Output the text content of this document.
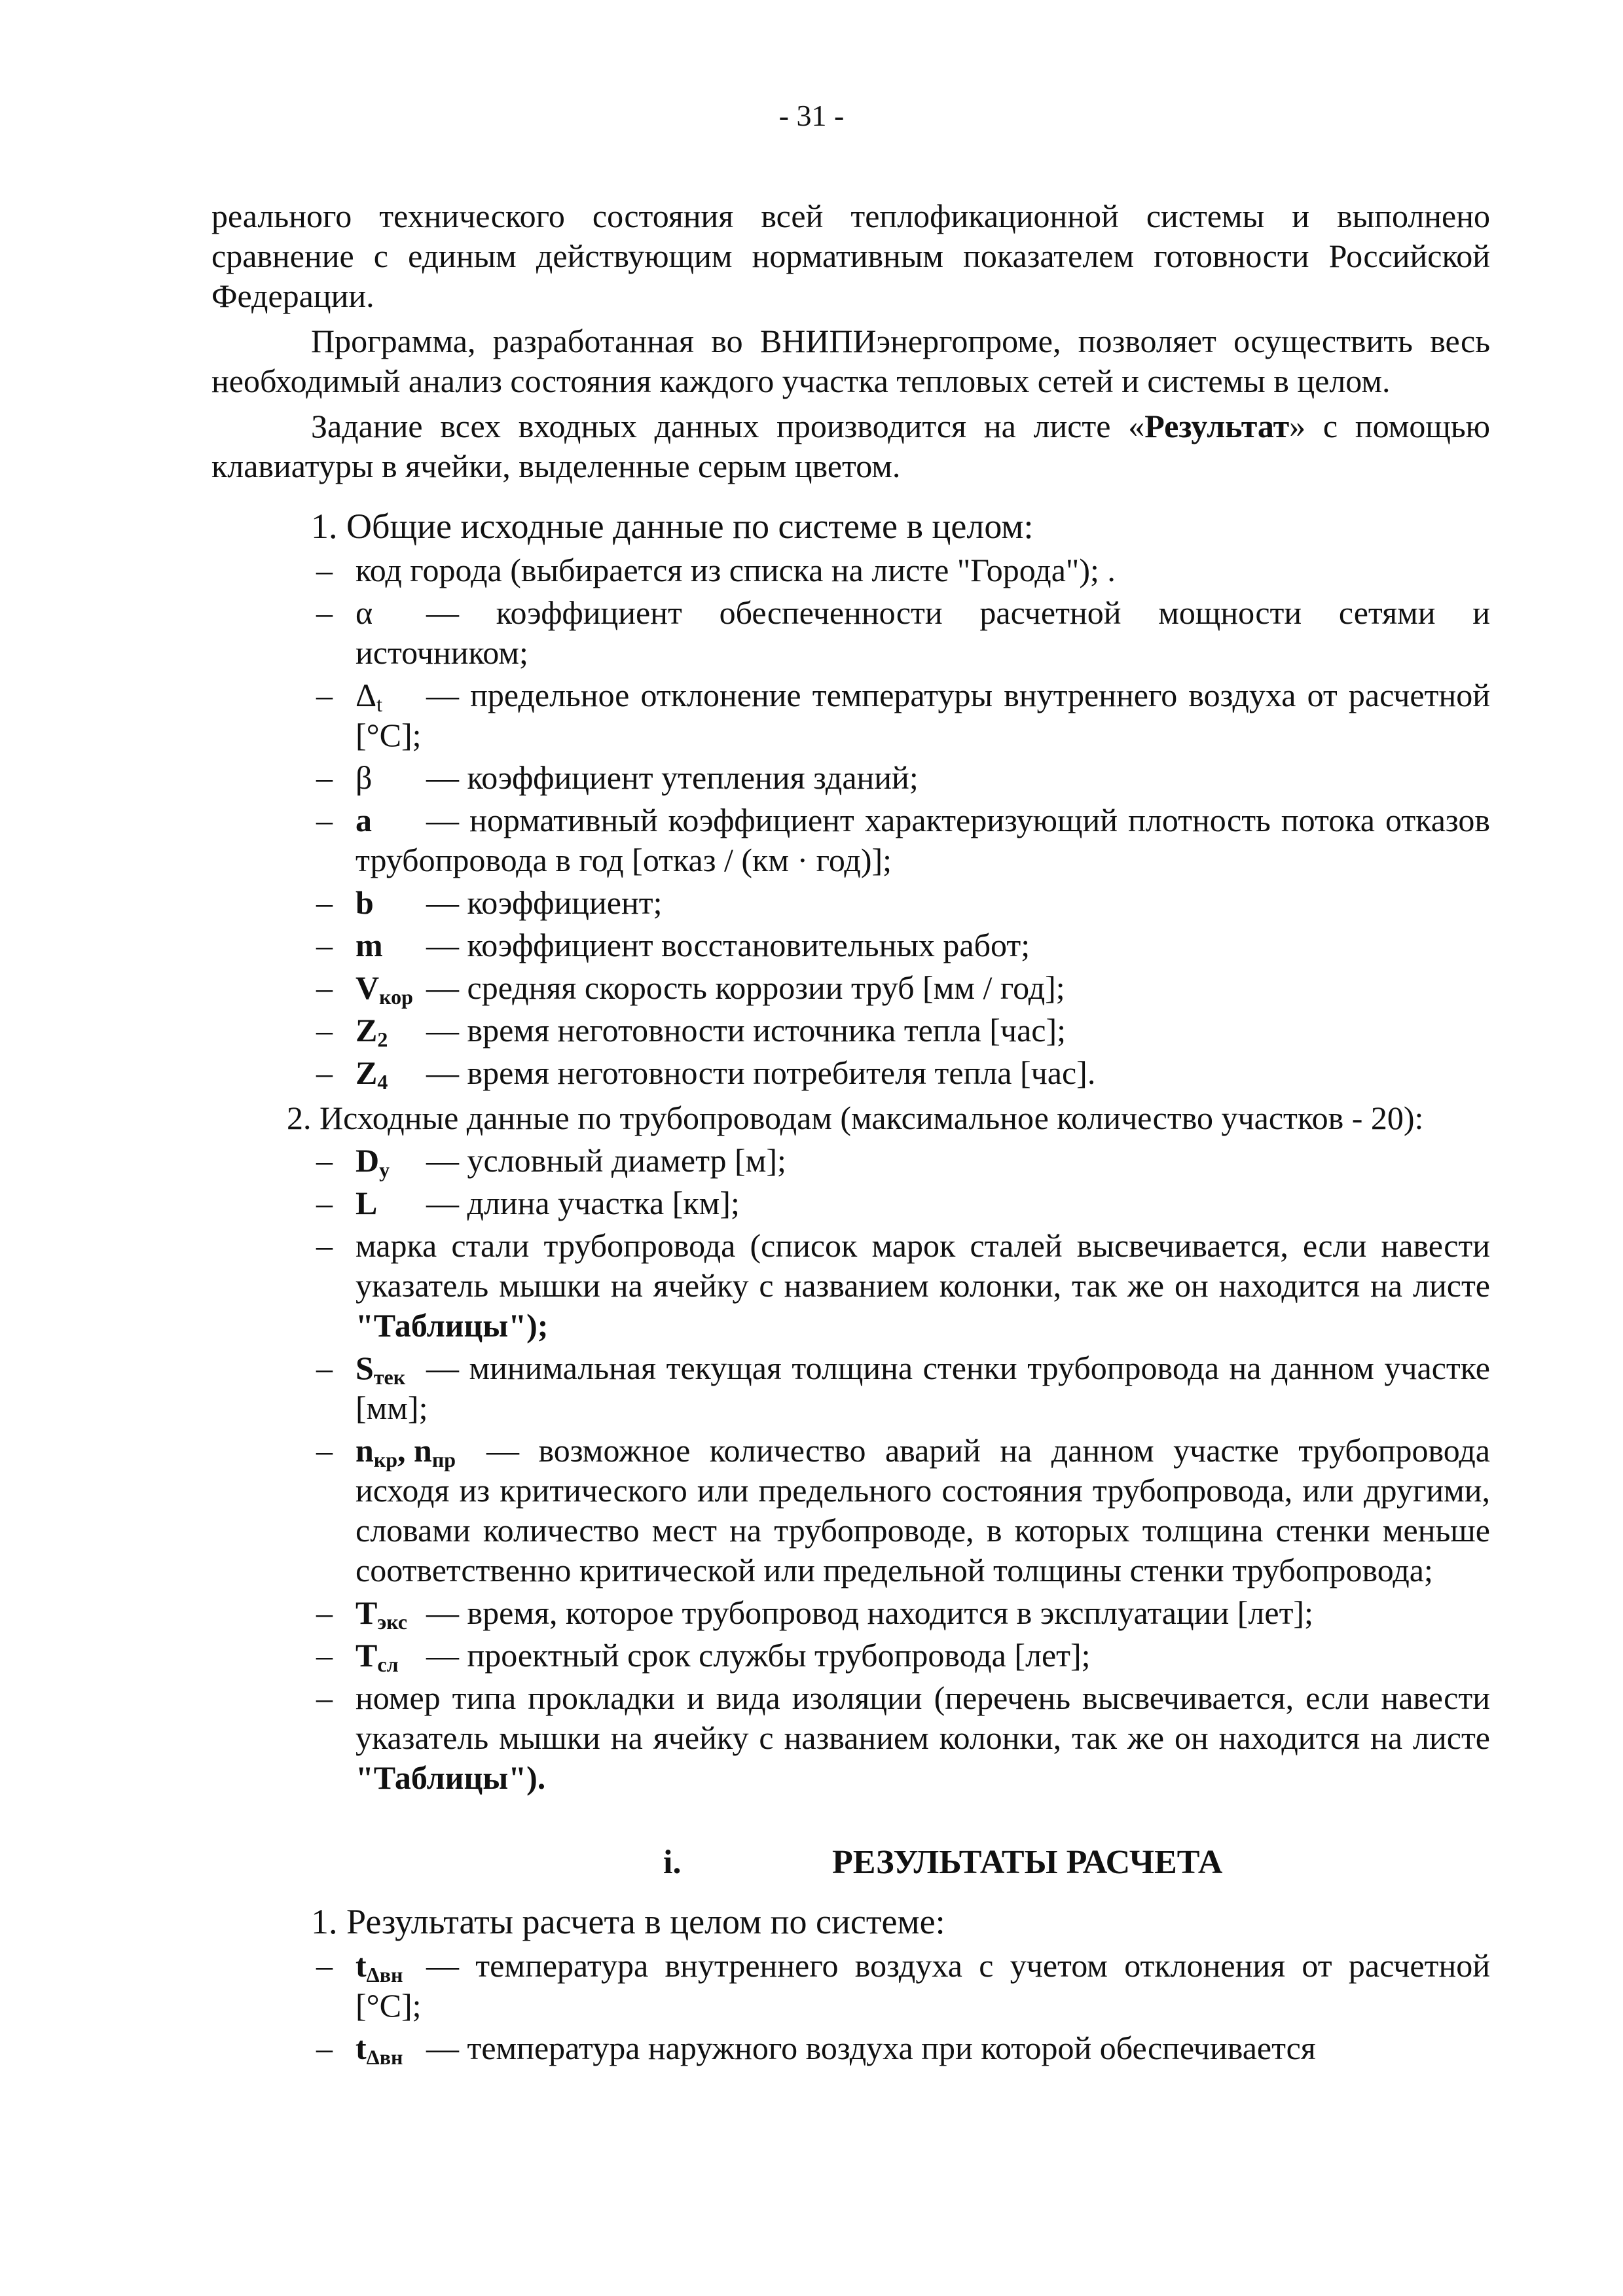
- 31 -

реального технического состояния всей теплофикационной системы и выполнено сравнение с единым действующим нормативным показателем готовности Российской Федерации.

Программа, разработанная во ВНИПИэнергопроме, позволяет осуществить весь необходимый анализ состояния каждого участка тепловых сетей и системы в целом.

Задание всех входных данных производится на листе «Результат» с помощью клавиатуры в ячейки, выделенные серым цветом.

1. Общие исходные данные по системе в целом:

– код города (выбирается из списка на листе "Города"); .
– α — коэффициент обеспеченности расчетной мощности сетями и источником;
– $\Delta_t$ — предельное отклонение температуры внутреннего воздуха от расчетной [°С];
– β — коэффициент утепления зданий;
– a — нормативный коэффициент характеризующий плотность потока отказов трубопровода в год [отказ / (км · год)];
– b — коэффициент;
– m — коэффициент восстановительных работ;
– $V_{кор}$ — средняя скорость коррозии труб [мм / год];
– $Z_2$ — время неготовности источника тепла [час];
– $Z_4$ — время неготовности потребителя тепла [час].

2. Исходные данные по трубопроводам (максимальное количество участков - 20):

– $D_у$ — условный диаметр [м];
– L — длина участка [км];
– марка стали трубопровода (список марок сталей высвечивается, если навести указатель мышки на ячейку с названием колонки, так же он находится на листе "Таблицы");
– $S_{тек}$ — минимальная текущая толщина стенки трубопровода на данном участке [мм];
– $n_{кр}$, $n_{пр}$ — возможное количество аварий на данном участке трубопровода исходя из критического или предельного состояния трубопровода, или другими, словами количество мест на трубопроводе, в которых толщина стенки меньше соответственно критической или предельной толщины стенки трубопровода;
– $T_{экс}$ — время, которое трубопровод находится в эксплуатации [лет];
– $T_{сл}$ — проектный срок службы трубопровода [лет];
– номер типа прокладки и вида изоляции (перечень высвечивается, если навести указатель мышки на ячейку с названием колонки, так же он находится на листе "Таблицы").
i.	РЕЗУЛЬТАТЫ РАСЧЕТА

1. Результаты расчета в целом по системе:

– $t_{\Delta вн}$ — температура внутреннего воздуха с учетом отклонения от расчетной [°С];
– $t_{\Delta вн}$ — температура наружного воздуха при которой обеспечивается
